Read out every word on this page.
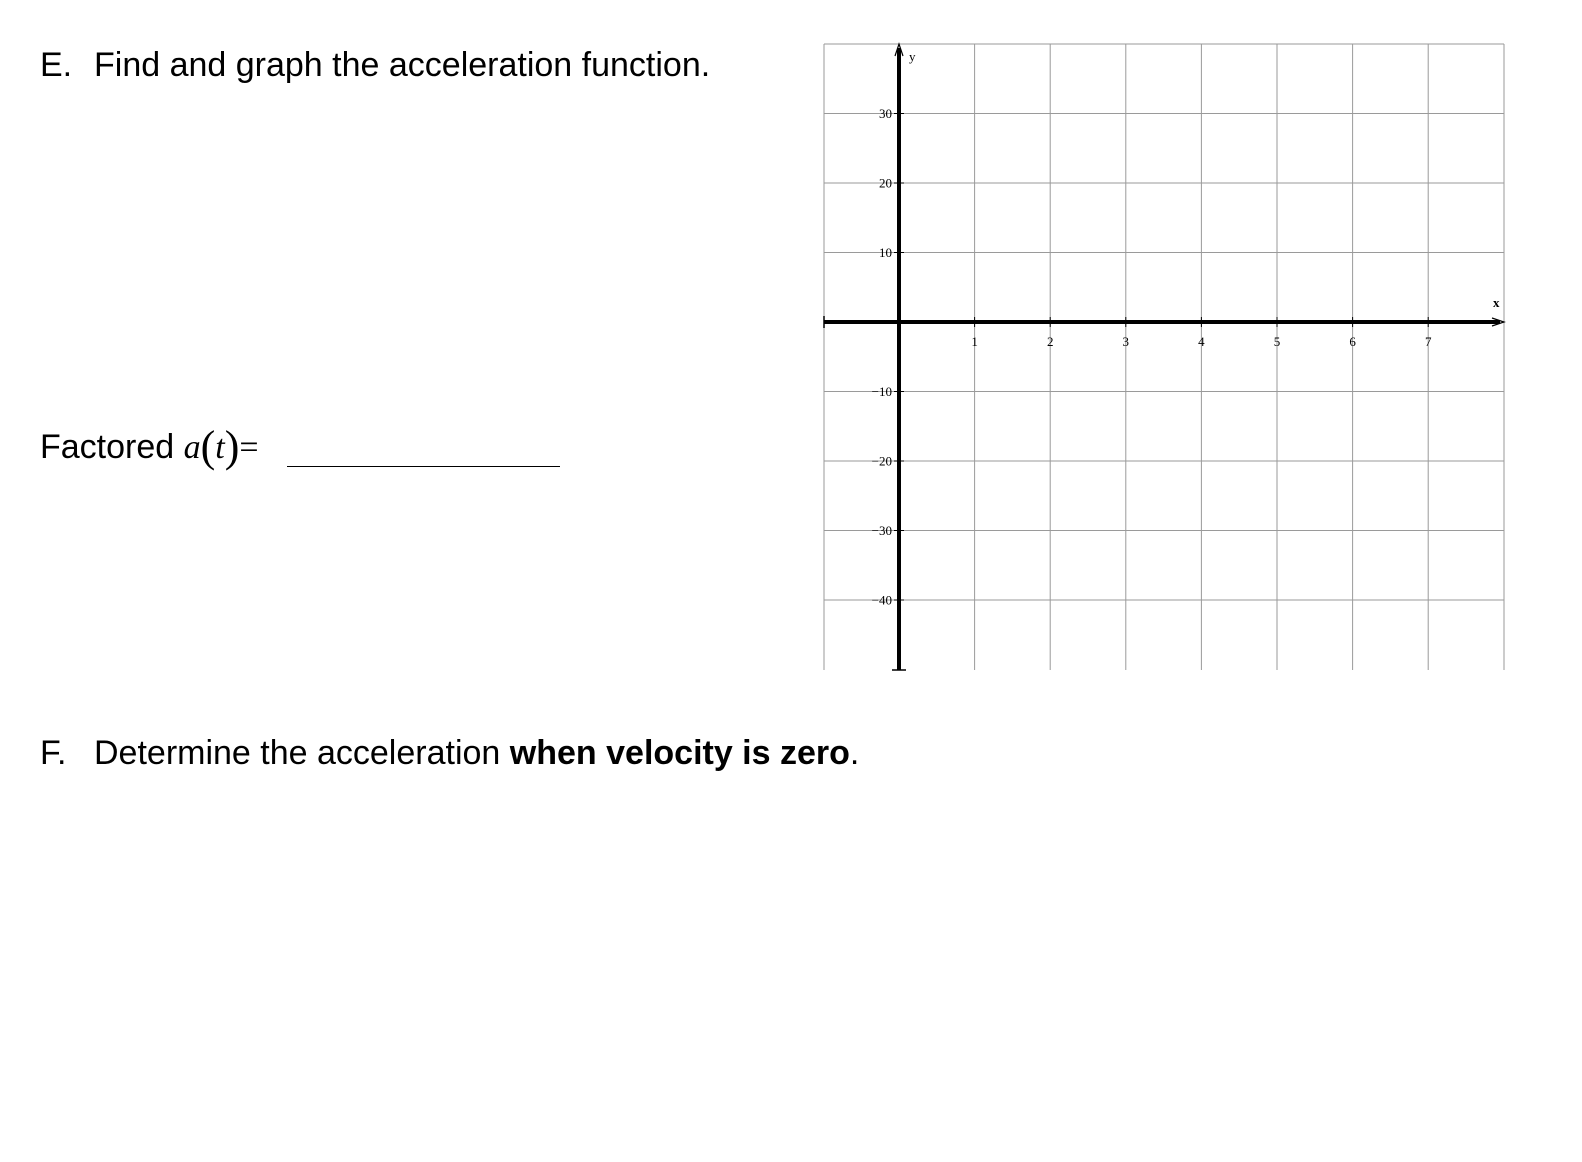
E. Find and graph the acceleration function.
Factored a(t)=
1	2	3	4	5	6	7
30
20
10
−10
−20
−30
−40
x
y
F. Determine the acceleration when velocity is zero.
